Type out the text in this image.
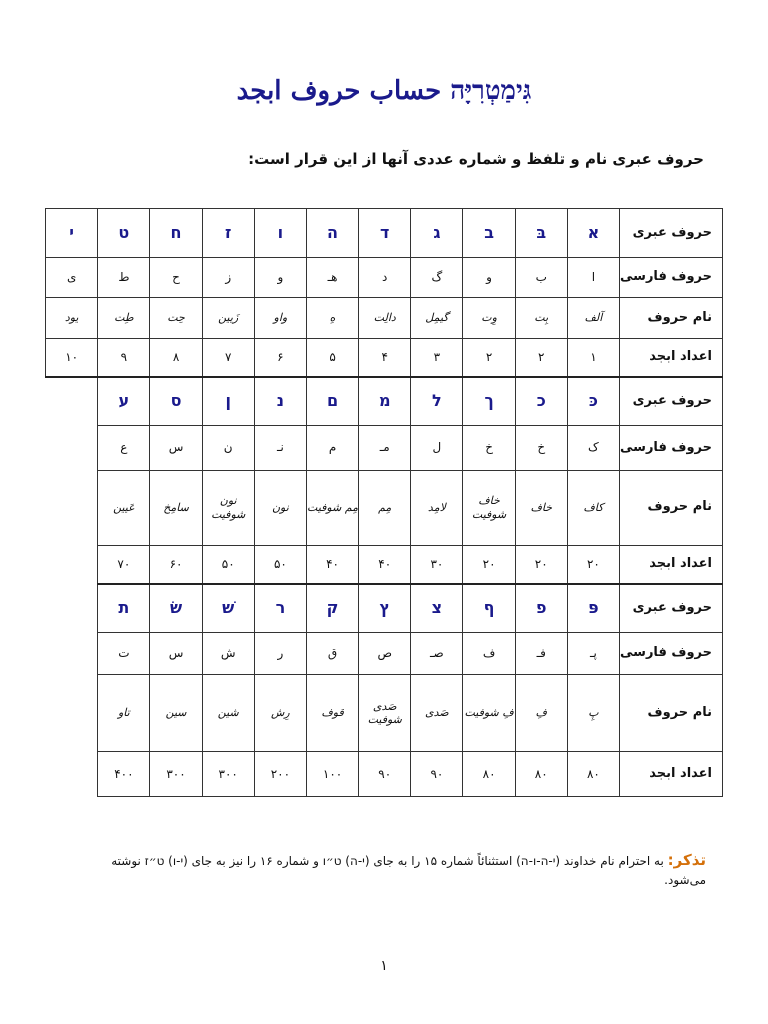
גִּימַטְרִיָּה حساب حروف ابجد
حروف عبری نام و تلفظ و شماره عددی آنها از این قرار است:
حروف عبری	א	בּ	ב	ג	ד	ה	ו	ז	ח	ט	י
حروف فارسی	ا	ب	و	گ	د	هـ	و	ز	ح	ط	ی
نام حروف	آلف	بِت	وِت	گیمِل	دالِت	هِ	واو	زَیین	حِت	طِت	یود
اعداد ابجد	۱	۲	۲	۳	۴	۵	۶	۷	۸	۹	۱۰
حروف عبری	כּ	כ	ך	ל	מ	ם	נ	ן	ס	ע	
حروف فارسی	ک	خ	خ	ل	مـ	م	نـ	ن	س	ع	
نام حروف	کاف	خاف	خاف شوفیت	لامِد	مِم	مِم شوفیت	نون	نون شوفیت	سامِخ	عَیین	
اعداد ابجد	۲۰	۲۰	۲۰	۳۰	۴۰	۴۰	۵۰	۵۰	۶۰	۷۰	
حروف عبری	פּ	פ	ף	צ	ץ	ק	ר	שׁ	שׂ	ת	
حروف فارسی	پـ	فـ	ف	صـ	ص	ق	ر	ش	س	ت	
نام حروف	پِ	فِ	فِ شوفیت	صَدی	صَدی شوفیت	قوف	رِش	شین	سین	تاو	
اعداد ابجد	۸۰	۸۰	۸۰	۹۰	۹۰	۱۰۰	۲۰۰	۳۰۰	۳۰۰	۴۰۰	
تذکر: به احترام نام خدا‌وند (י-ה-ו-ה) استثنائاً شماره ۱۵ را به جای (י-ה) ט״ו و شماره ۱۶ را نیز به جای (י-ו) ט״ז نوشته می‌شود.
۱
